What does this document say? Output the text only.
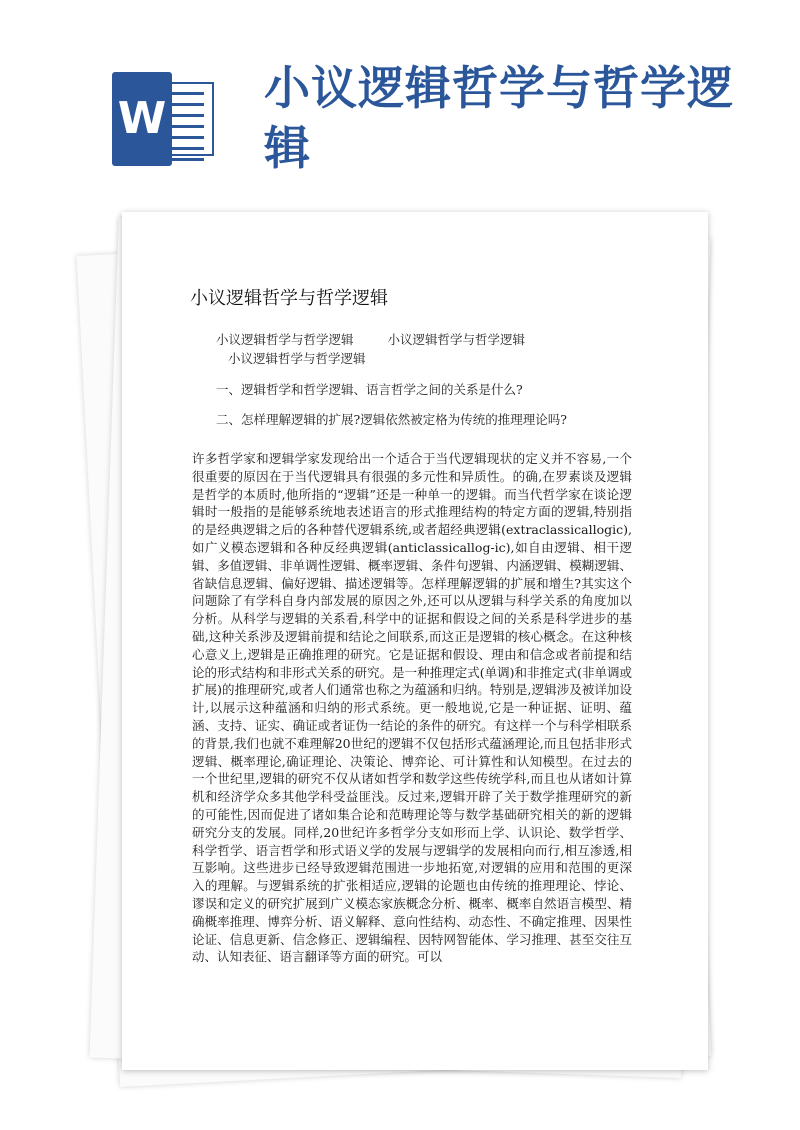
W
小议逻辑哲学与哲学逻辑
小议逻辑哲学与哲学逻辑
小议逻辑哲学与哲学逻辑	小议逻辑哲学与哲学逻辑
小议逻辑哲学与哲学逻辑
一、逻辑哲学和哲学逻辑、语言哲学之间的关系是什么?
二、怎样理解逻辑的扩展?逻辑依然被定格为传统的推理理论吗?

许多哲学家和逻辑学家发现给出一个适合于当代逻辑现状的定义并不容易,一个很重要的原因在于当代逻辑具有很强的多元性和异质性。的确,在罗素谈及逻辑是哲学的本质时,他所指的“逻辑”还是一种单一的逻辑。而当代哲学家在谈论逻辑时一般指的是能够系统地表述语言的形式推理结构的特定方面的逻辑,特别指的是经典逻辑之后的各种替代逻辑系统,或者超经典逻辑(extraclassicallogic),如广义模态逻辑和各种反经典逻辑(anticlassicallog-ic),如自由逻辑、相干逻辑、多值逻辑、非单调性逻辑、概率逻辑、条件句逻辑、内涵逻辑、模糊逻辑、省缺信息逻辑、偏好逻辑、描述逻辑等。怎样理解逻辑的扩展和增生?其实这个问题除了有学科自身内部发展的原因之外,还可以从逻辑与科学关系的角度加以分析。从科学与逻辑的关系看,科学中的证据和假设之间的关系是科学进步的基础,这种关系涉及逻辑前提和结论之间联系,而这正是逻辑的核心概念。在这种核心意义上,逻辑是正确推理的研究。它是证据和假设、理由和信念或者前提和结论的形式结构和非形式关系的研究。是一种推理定式(单调)和非推定式(非单调或扩展)的推理研究,或者人们通常也称之为蕴涵和归纳。特别是,逻辑涉及被详加设计,以展示这种蕴涵和归纳的形式系统。更一般地说,它是一种证据、证明、蕴涵、支持、证实、确证或者证伪一结论的条件的研究。有这样一个与科学相联系的背景,我们也就不难理解20世纪的逻辑不仅包括形式蕴涵理论,而且包括非形式逻辑、概率理论,确证理论、决策论、博弈论、可计算性和认知模型。在过去的一个世纪里,逻辑的研究不仅从诸如哲学和数学这些传统学科,而且也从诸如计算机和经济学众多其他学科受益匪浅。反过来,逻辑开辟了关于数学推理研究的新的可能性,因而促进了诸如集合论和范畴理论等与数学基础研究相关的新的逻辑研究分支的发展。同样,20世纪许多哲学分支如形而上学、认识论、数学哲学、科学哲学、语言哲学和形式语义学的发展与逻辑学的发展相向而行,相互渗透,相互影响。这些进步已经导致逻辑范围进一步地拓宽,对逻辑的应用和范围的更深入的理解。与逻辑系统的扩张相适应,逻辑的论题也由传统的推理理论、悖论、谬误和定义的研究扩展到广义模态家族概念分析、概率、概率自然语言模型、精确概率推理、博弈分析、语义解释、意向性结构、动态性、不确定推理、因果性论证、信息更新、信念修正、逻辑编程、因特网智能体、学习推理、甚至交往互动、认知表征、语言翻译等方面的研究。可以
